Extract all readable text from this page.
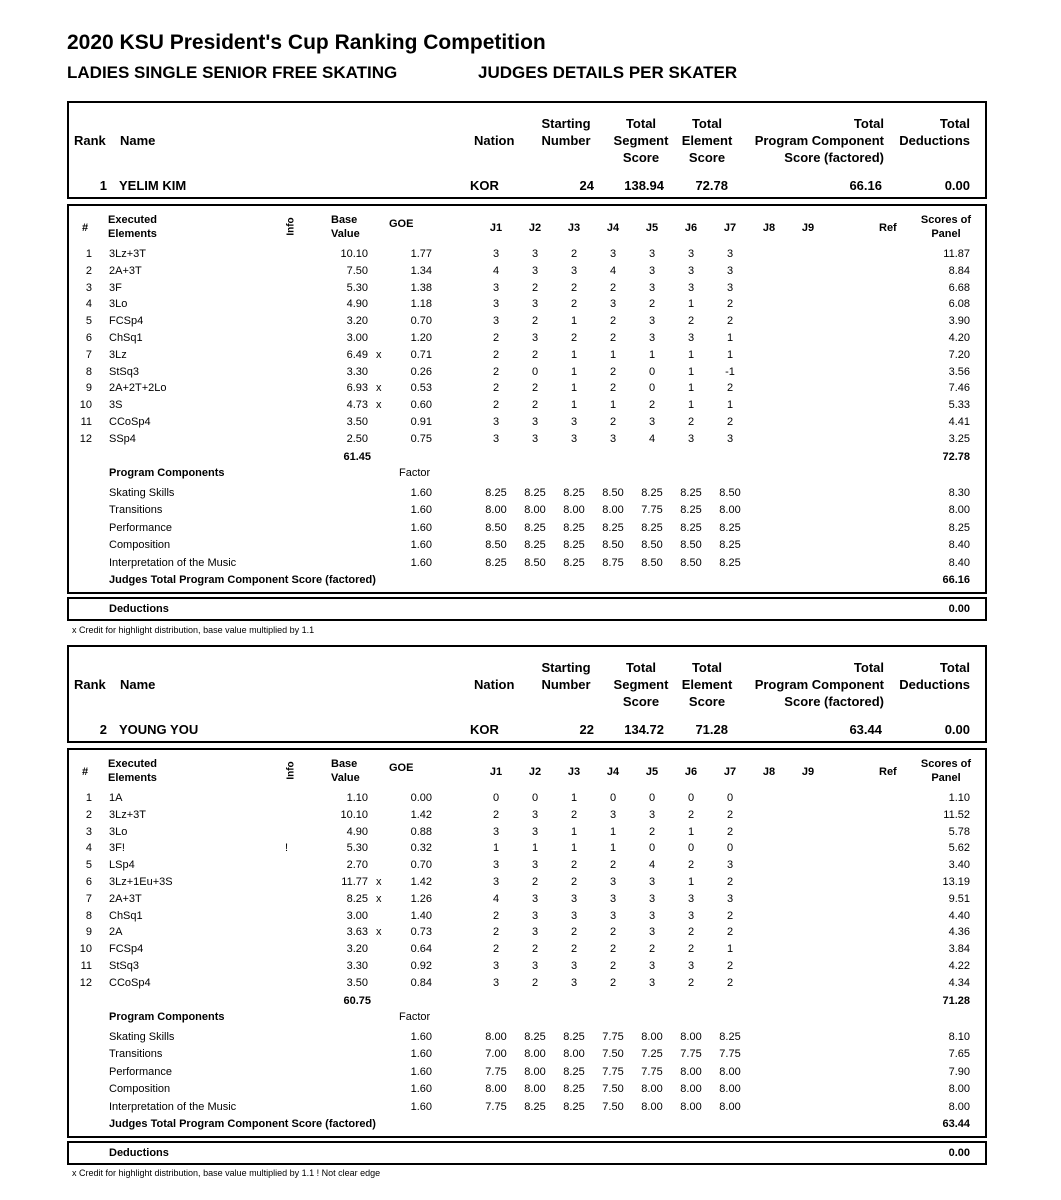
2020 KSU President's Cup Ranking Competition
LADIES SINGLE SENIOR FREE SKATING	JUDGES DETAILS PER SKATER
Rank Name	Nation
Starting
Number
Total
Segment
Score
Total
Element
Score
Total
Program Component
Score (factored)
Total
Deductions
1 YELIM KIM	KOR	24	138.94	72.78	66.16	0.00
#
Executed
Elements	Info	Base
Value
GOE	J1	J2	J3	J4	J5	J6	J7	J8	J9	Ref
Scores of
Panel
1 3Lz+3T	10.10	1.77	3	3	2	3	3	3	3	11.87
2 2A+3T	7.50	1.34	4	3	3	4	3	3	3	8.84
3 3F	5.30	1.38	3	2	2	2	3	3	3	6.68
4 3Lo	4.90	1.18	3	3	2	3	2	1	2	6.08
5 FCSp4	3.20	0.70	3	2	1	2	3	2	2	3.90
6 ChSq1	3.00	1.20	2	3	2	2	3	3	1	4.20
7 3Lz	6.49 x	0.71	2	2	1	1	1	1	1	7.20
8 StSq3	3.30	0.26	2	0	1	2	0	1	-1	3.56
9 2A+2T+2Lo	6.93 x	0.53	2	2	1	2	0	1	2	7.46
10 3S	4.73 x	0.60	2	2	1	1	2	1	1	5.33
11 CCoSp4	3.50	0.91	3	3	3	2	3	2	2	4.41
12 SSp4	2.50	0.75	3	3	3	3	4	3	3	3.25
61.45	72.78
Program Components	Factor
Skating Skills	1.60	8.25	8.25	8.25	8.50	8.25	8.25	8.50	8.30
Transitions	1.60	8.00	8.00	8.00	8.00	7.75	8.25	8.00	8.00
Performance	1.60	8.50	8.25	8.25	8.25	8.25	8.25	8.25	8.25
Composition	1.60	8.50	8.25	8.25	8.50	8.50	8.50	8.25	8.40
Interpretation of the Music	1.60	8.25	8.50	8.25	8.75	8.50	8.50	8.25	8.40
Judges Total Program Component Score (factored)	66.16
Deductions	0.00
x Credit for highlight distribution, base value multiplied by 1.1
Rank Name	Nation
Starting
Number
Total
Segment
Score
Total
Element
Score
Total
Program Component
Score (factored)
Total
Deductions
2 YOUNG YOU	KOR	22	134.72	71.28	63.44	0.00
#
Executed
Elements	Info	Base
Value
GOE	J1	J2	J3	J4	J5	J6	J7	J8	J9	Ref
Scores of
Panel
1 1A	1.10	0.00	0	0	1	0	0	0	0	1.10
2 3Lz+3T	10.10	1.42	2	3	2	3	3	2	2	11.52
3 3Lo	4.90	0.88	3	3	1	1	2	1	2	5.78
4 3F!	!	5.30	0.32	1	1	1	1	0	0	0	5.62
5 LSp4	2.70	0.70	3	3	2	2	4	2	3	3.40
6 3Lz+1Eu+3S	11.77 x	1.42	3	2	2	3	3	1	2	13.19
7 2A+3T	8.25 x	1.26	4	3	3	3	3	3	3	9.51
8 ChSq1	3.00	1.40	2	3	3	3	3	3	2	4.40
9 2A	3.63 x	0.73	2	3	2	2	3	2	2	4.36
10 FCSp4	3.20	0.64	2	2	2	2	2	2	1	3.84
11 StSq3	3.30	0.92	3	3	3	2	3	3	2	4.22
12 CCoSp4	3.50	0.84	3	2	3	2	3	2	2	4.34
60.75	71.28
Program Components	Factor
Skating Skills	1.60	8.00	8.25	8.25	7.75	8.00	8.00	8.25	8.10
Transitions	1.60	7.00	8.00	8.00	7.50	7.25	7.75	7.75	7.65
Performance	1.60	7.75	8.00	8.25	7.75	7.75	8.00	8.00	7.90
Composition	1.60	8.00	8.00	8.25	7.50	8.00	8.00	8.00	8.00
Interpretation of the Music	1.60	7.75	8.25	8.25	7.50	8.00	8.00	8.00	8.00
Judges Total Program Component Score (factored)	63.44
Deductions	0.00
x Credit for highlight distribution, base value multiplied by 1.1 ! Not clear edge
